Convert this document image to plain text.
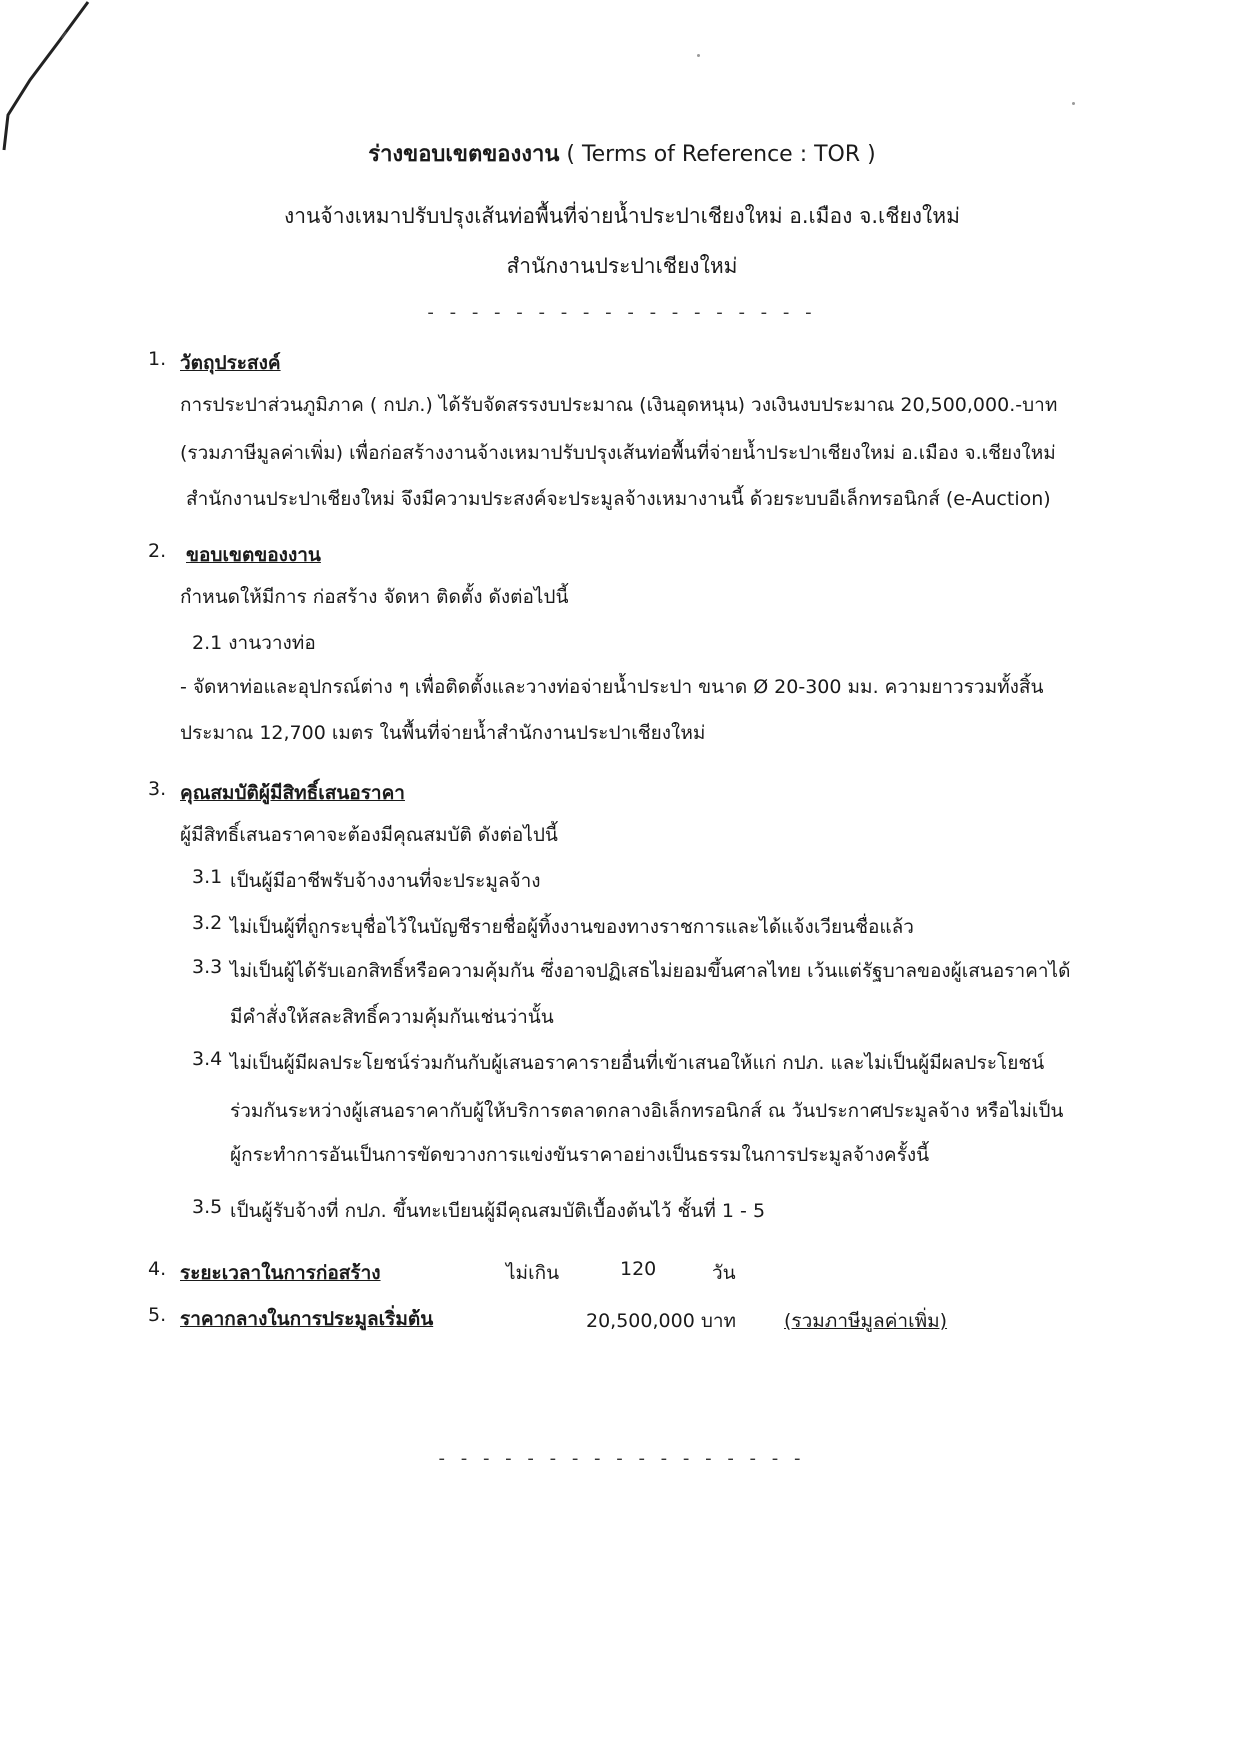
ร่างขอบเขตของงาน ( Terms of Reference : TOR )
งานจ้างเหมาปรับปรุงเส้นท่อพื้นที่จ่ายน้ำประปาเชียงใหม่ อ.เมือง จ.เชียงใหม่
สำนักงานประปาเชียงใหม่
- - - - - - - - - - - - - - - - - -
1. วัตถุประสงค์
การประปาส่วนภูมิภาค ( กปภ.) ได้รับจัดสรรงบประมาณ (เงินอุดหนุน) วงเงินงบประมาณ 20,500,000.-บาท
(รวมภาษีมูลค่าเพิ่ม) เพื่อก่อสร้างงานจ้างเหมาปรับปรุงเส้นท่อพื้นที่จ่ายน้ำประปาเชียงใหม่ อ.เมือง จ.เชียงใหม่
สำนักงานประปาเชียงใหม่ จึงมีความประสงค์จะประมูลจ้างเหมางานนี้ ด้วยระบบอีเล็กทรอนิกส์ (e-Auction)
2. ขอบเขตของงาน
กำหนดให้มีการ ก่อสร้าง จัดหา ติดตั้ง ดังต่อไปนี้
2.1 งานวางท่อ
- จัดหาท่อและอุปกรณ์ต่าง ๆ เพื่อติดตั้งและวางท่อจ่ายน้ำประปา ขนาด Ø 20-300 มม. ความยาวรวมทั้งสิ้น
ประมาณ 12,700 เมตร ในพื้นที่จ่ายน้ำสำนักงานประปาเชียงใหม่
3. คุณสมบัติผู้มีสิทธิ์เสนอราคา
ผู้มีสิทธิ์เสนอราคาจะต้องมีคุณสมบัติ ดังต่อไปนี้
3.1 เป็นผู้มีอาชีพรับจ้างงานที่จะประมูลจ้าง
3.2 ไม่เป็นผู้ที่ถูกระบุชื่อไว้ในบัญชีรายชื่อผู้ทิ้งงานของทางราชการและได้แจ้งเวียนชื่อแล้ว
3.3 ไม่เป็นผู้ได้รับเอกสิทธิ์หรือความคุ้มกัน ซึ่งอาจปฏิเสธไม่ยอมขึ้นศาลไทย เว้นแต่รัฐบาลของผู้เสนอราคาได้
มีคำสั่งให้สละสิทธิ์ความคุ้มกันเช่นว่านั้น
3.4 ไม่เป็นผู้มีผลประโยชน์ร่วมกันกับผู้เสนอราคารายอื่นที่เข้าเสนอให้แก่ กปภ. และไม่เป็นผู้มีผลประโยชน์
ร่วมกันระหว่างผู้เสนอราคากับผู้ให้บริการตลาดกลางอิเล็กทรอนิกส์ ณ วันประกาศประมูลจ้าง หรือไม่เป็น
ผู้กระทำการอันเป็นการขัดขวางการแข่งขันราคาอย่างเป็นธรรมในการประมูลจ้างครั้งนี้
3.5 เป็นผู้รับจ้างที่ กปภ. ขึ้นทะเบียนผู้มีคุณสมบัติเบื้องต้นไว้ ชั้นที่ 1 - 5
4. ระยะเวลาในการก่อสร้าง	ไม่เกิน	120	วัน
5. ราคากลางในการประมูลเริ่มต้น	20,500,000 บาท	(รวมภาษีมูลค่าเพิ่ม)
- - - - - - - - - - - - - - - - -
